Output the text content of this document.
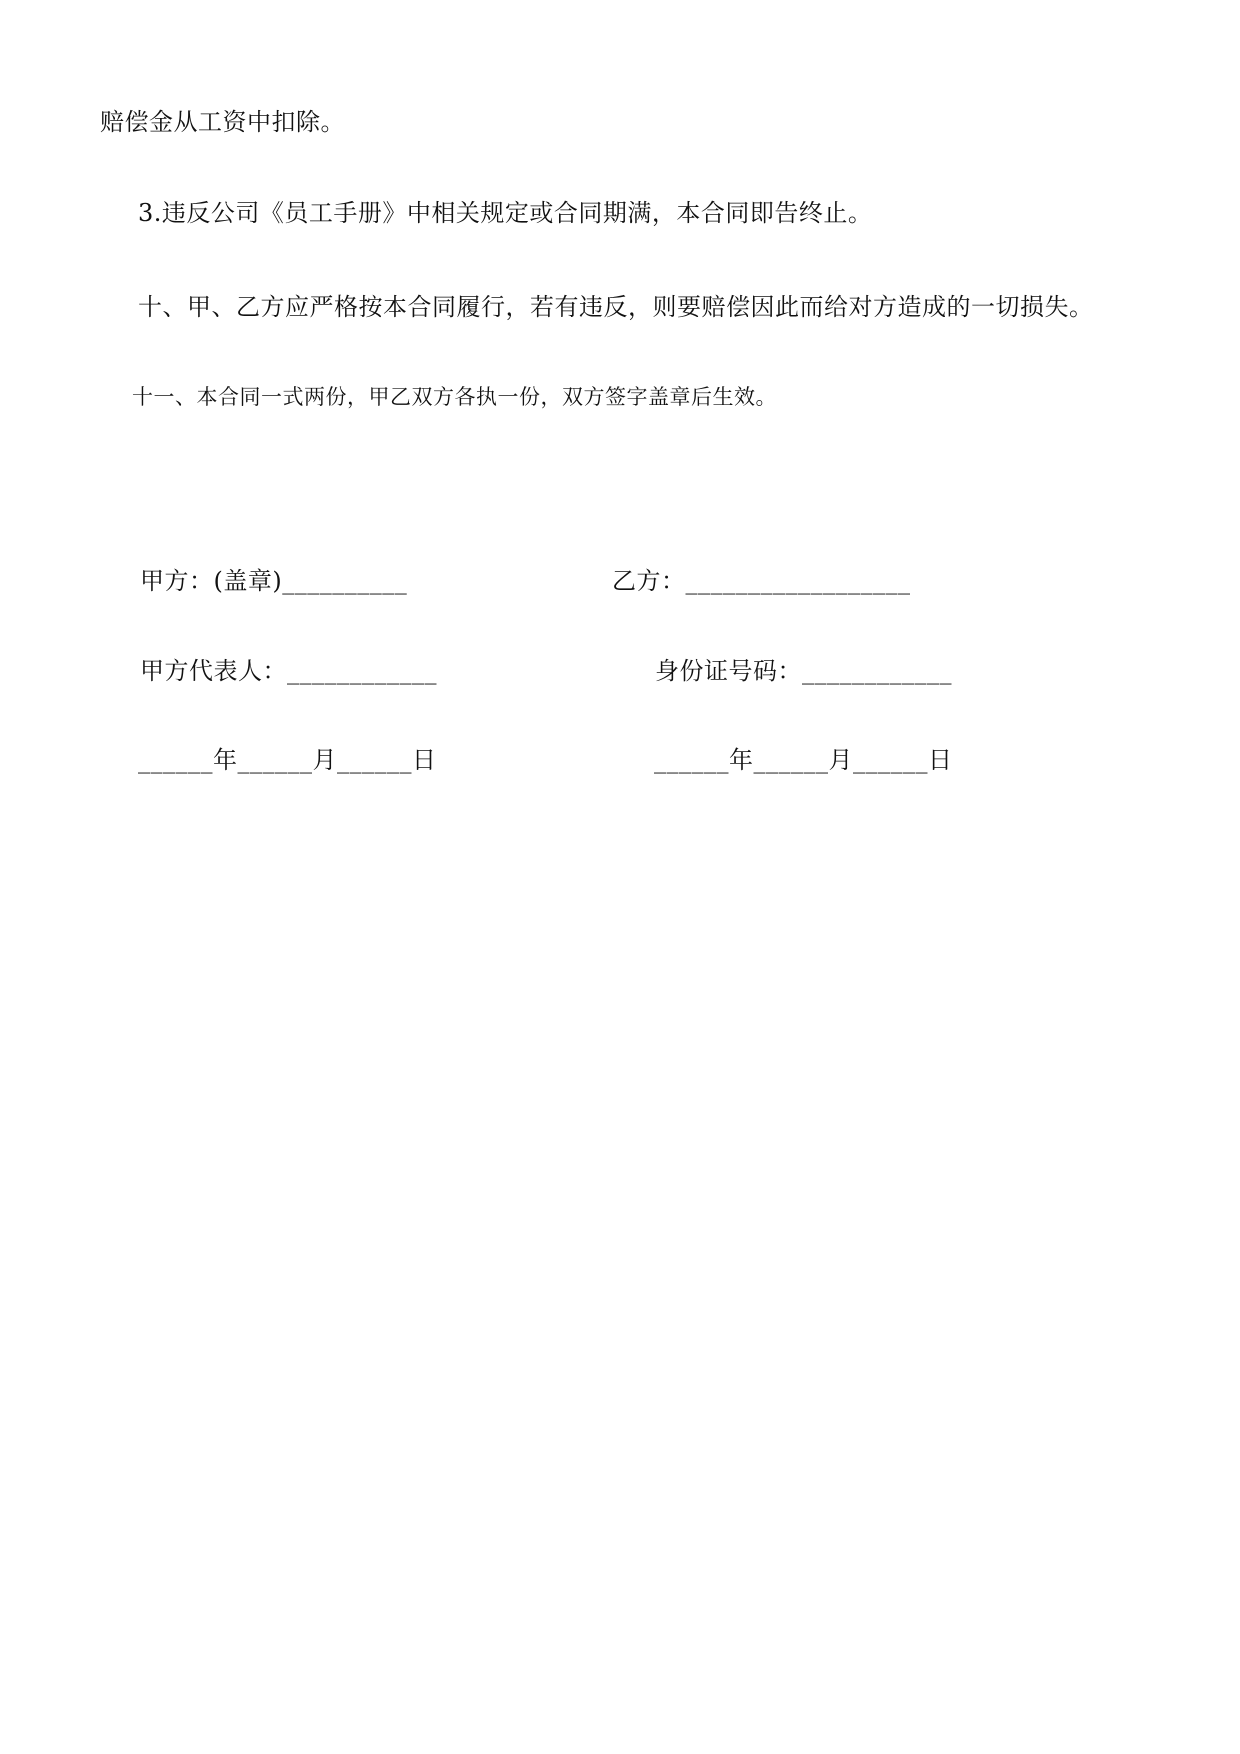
赔偿金从工资中扣除。
3.违反公司《员工手册》中相关规定或合同期满，本合同即告终止。
十、甲、乙方应严格按本合同履行，若有违反，则要赔偿因此而给对方造成的一切损失。
十一、本合同一式两份，甲乙双方各执一份，双方签字盖章后生效。
甲方：(盖章)__________	乙方：__________________
甲方代表人：____________	身份证号码：____________
______年______月______日	______年______月______日
